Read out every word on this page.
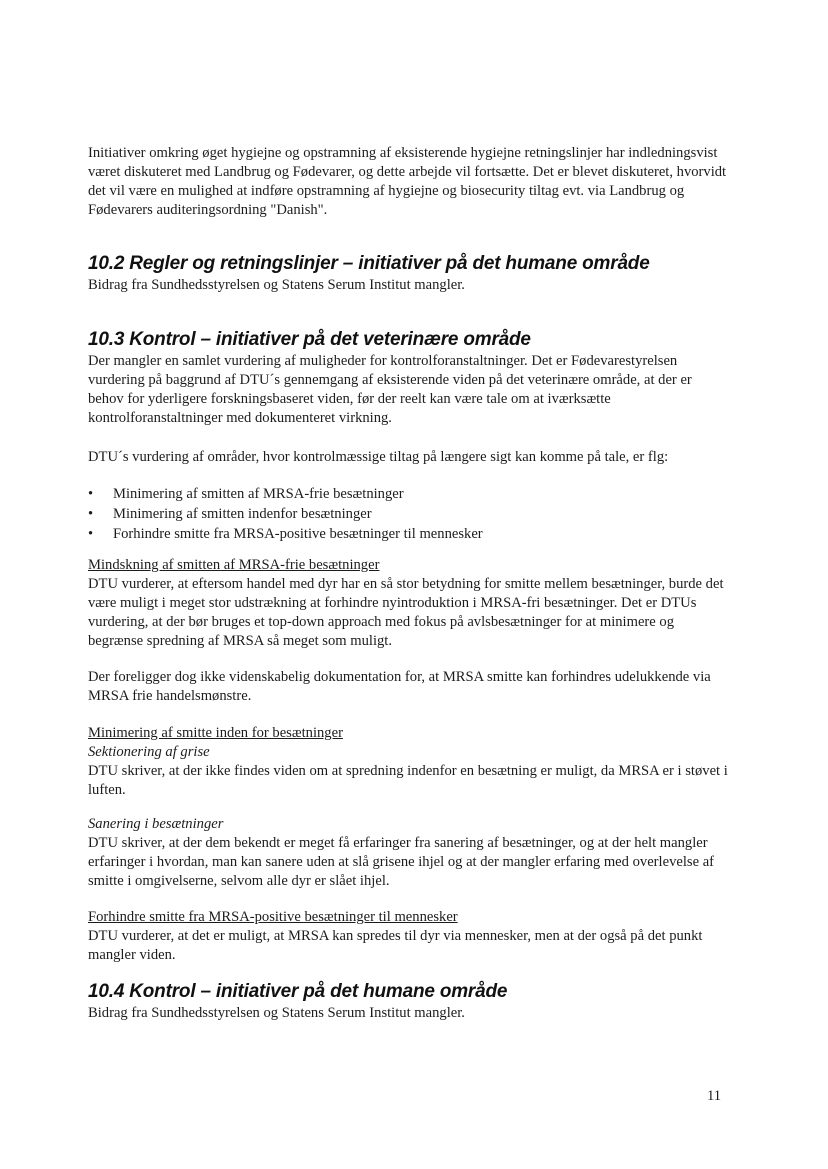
Initiativer omkring øget hygiejne og opstramning af eksisterende hygiejne retningslinjer har indledningsvist været diskuteret med Landbrug og Fødevarer, og dette arbejde vil fortsætte. Det er blevet diskuteret, hvorvidt det vil være en mulighed at indføre opstramning af hygiejne og biosecurity tiltag evt. via Landbrug og Fødevarers auditeringsordning "Danish".

10.2 Regler og retningslinjer – initiativer på det humane område

Bidrag fra Sundhedsstyrelsen og Statens Serum Institut mangler.

10.3 Kontrol – initiativer på det veterinære område

Der mangler en samlet vurdering af muligheder for kontrolforanstaltninger. Det er Fødevarestyrelsen vurdering på baggrund af DTU´s gennemgang af eksisterende viden på det veterinære område, at der er behov for yderligere forskningsbaseret viden, før der reelt kan være tale om at iværksætte kontrolforanstaltninger med dokumenteret virkning.

DTU´s vurdering af områder, hvor kontrolmæssige tiltag på længere sigt kan komme på tale, er flg:

• Minimering af smitten af MRSA-frie besætninger
• Minimering af smitten indenfor besætninger
• Forhindre smitte fra MRSA-positive besætninger til mennesker
Mindskning af smitten af MRSA-frie besætninger

DTU vurderer, at eftersom handel med dyr har en så stor betydning for smitte mellem besætninger, burde det være muligt i meget stor udstrækning at forhindre nyintroduktion i MRSA-fri besætninger. Det er DTUs vurdering, at der bør bruges et top-down approach med fokus på avlsbesætninger for at minimere og begrænse spredning af MRSA så meget som muligt.

Der foreligger dog ikke videnskabelig dokumentation for, at MRSA smitte kan forhindres udelukkende via MRSA frie handelsmønstre.

Minimering af smitte inden for besætninger
Sektionering af grise

DTU skriver, at der ikke findes viden om at spredning indenfor en besætning er muligt, da MRSA er i støvet i luften.

Sanering i besætninger

DTU skriver, at der dem bekendt er meget få erfaringer fra sanering af besætninger, og at der helt mangler erfaringer i hvordan, man kan sanere uden at slå grisene ihjel og at der mangler erfaring med overlevelse af smitte i omgivelserne, selvom alle dyr er slået ihjel.

Forhindre smitte fra MRSA-positive besætninger til mennesker

DTU vurderer, at det er muligt, at MRSA kan spredes til dyr via mennesker, men at der også på det punkt mangler viden.

10.4 Kontrol – initiativer på det humane område

Bidrag fra Sundhedsstyrelsen og Statens Serum Institut mangler.

11
